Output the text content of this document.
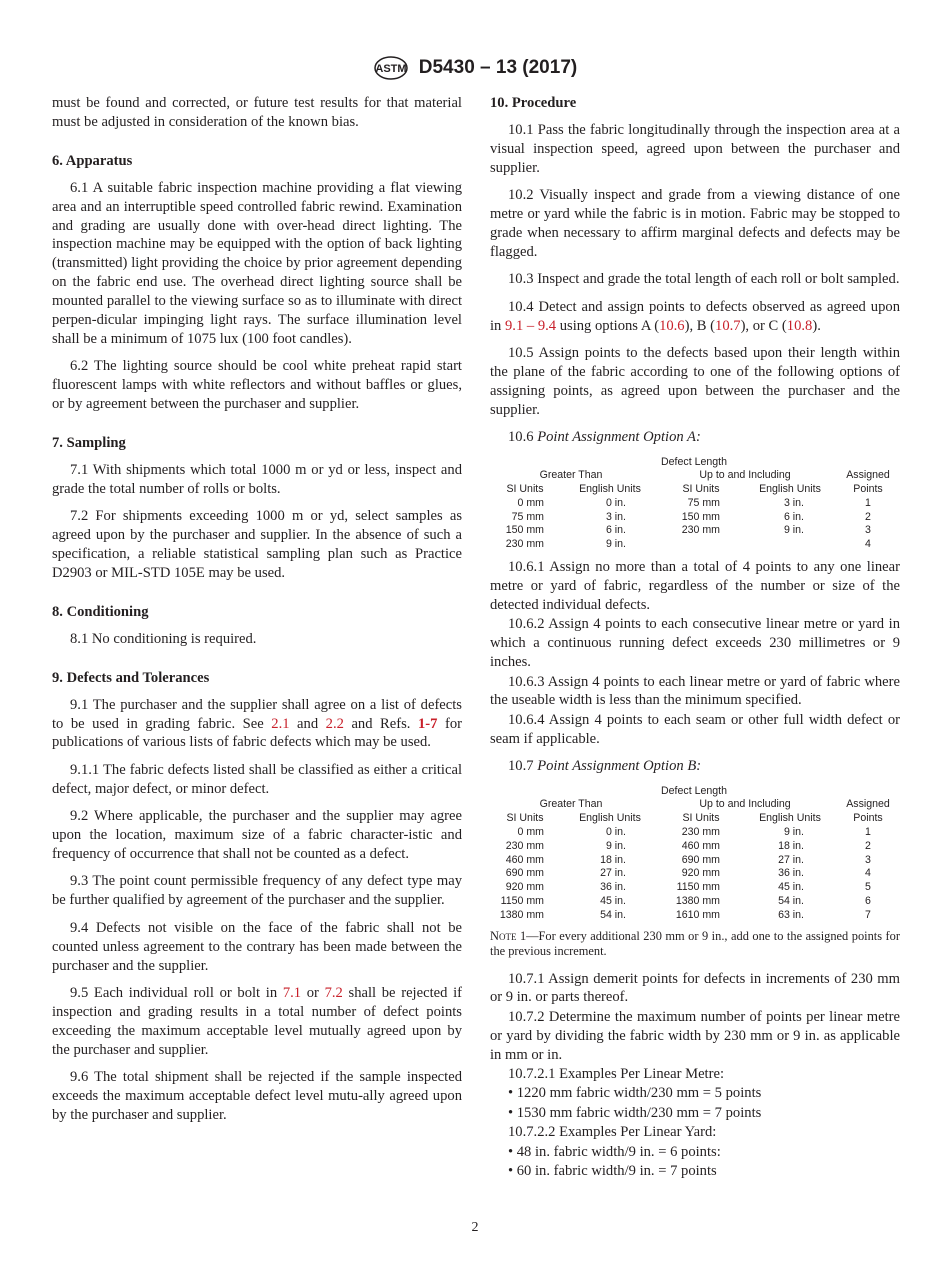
ASTM D5430 – 13 (2017)

must be found and corrected, or future test results for that material must be adjusted in consideration of the known bias.

6. Apparatus

6.1 A suitable fabric inspection machine providing a flat viewing area and an interruptible speed controlled fabric rewind. Examination and grading are usually done with over-head direct lighting. The inspection machine may be equipped with the option of back lighting (transmitted) light providing the choice by prior agreement depending on the fabric end use. The overhead direct lighting source shall be mounted parallel to the viewing surface so as to illuminate with direct perpen-dicular impinging light rays. The surface illumination level shall be a minimum of 1075 lux (100 foot candles).

6.2 The lighting source should be cool white preheat rapid start fluorescent lamps with white reflectors and without baffles or glues, or by agreement between the purchaser and supplier.

7. Sampling

7.1 With shipments which total 1000 m or yd or less, inspect and grade the total number of rolls or bolts.

7.2 For shipments exceeding 1000 m or yd, select samples as agreed upon by the purchaser and supplier. In the absence of such a specification, a reliable statistical sampling plan such as Practice D2903 or MIL-STD 105E may be used.

8. Conditioning

8.1 No conditioning is required.

9. Defects and Tolerances

9.1 The purchaser and the supplier shall agree on a list of defects to be used in grading fabric. See 2.1 and 2.2 and Refs. 1-7 for publications of various lists of fabric defects which may be used.

9.1.1 The fabric defects listed shall be classified as either a critical defect, major defect, or minor defect.

9.2 Where applicable, the purchaser and the supplier may agree upon the location, maximum size of a fabric character-istic and frequency of occurrence that shall not be counted as a defect.

9.3 The point count permissible frequency of any defect type may be further qualified by agreement of the purchaser and the supplier.

9.4 Defects not visible on the face of the fabric shall not be counted unless agreement to the contrary has been made between the purchaser and the supplier.

9.5 Each individual roll or bolt in 7.1 or 7.2 shall be rejected if inspection and grading results in a total number of defect points exceeding the maximum acceptable level mutually agreed upon by the purchaser and supplier.

9.6 The total shipment shall be rejected if the sample inspected exceeds the maximum acceptable defect level mutu-ally agreed upon by the purchaser and supplier.

10. Procedure

10.1 Pass the fabric longitudinally through the inspection area at a visual inspection speed, agreed upon between the purchaser and supplier.

10.2 Visually inspect and grade from a viewing distance of one metre or yard while the fabric is in motion. Fabric may be stopped to grade when necessary to affirm marginal defects and defects may be flagged.

10.3 Inspect and grade the total length of each roll or bolt sampled.

10.4 Detect and assign points to defects observed as agreed upon in 9.1 – 9.4 using options A (10.6), B (10.7), or C (10.8).

10.5 Assign points to the defects based upon their length within the plane of the fabric according to one of the following options of assigning points, as agreed upon between the purchaser and the supplier.

10.6 Point Assignment Option A:

Defect Length				
Greater Than		Up to and Including		Assigned
SI Units	English Units	SI Units	English Units	Points
0 mm	0 in.	75 mm	3 in.	1
75 mm	3 in.	150 mm	6 in.	2
150 mm	6 in.	230 mm	9 in.	3
230 mm	9 in.			4

10.6.1 Assign no more than a total of 4 points to any one linear metre or yard of fabric, regardless of the number or size of the detected individual defects.

10.6.2 Assign 4 points to each consecutive linear metre or yard in which a continuous running defect exceeds 230 millimetres or 9 inches.

10.6.3 Assign 4 points to each linear metre or yard of fabric where the useable width is less than the minimum specified.

10.6.4 Assign 4 points to each seam or other full width defect or seam if applicable.

10.7 Point Assignment Option B:

Defect Length				
Greater Than		Up to and Including		Assigned
SI Units	English Units	SI Units	English Units	Points
0 mm	0 in.	230 mm	9 in.	1
230 mm	9 in.	460 mm	18 in.	2
460 mm	18 in.	690 mm	27 in.	3
690 mm	27 in.	920 mm	36 in.	4
920 mm	36 in.	1150 mm	45 in.	5
1150 mm	45 in.	1380 mm	54 in.	6
1380 mm	54 in.	1610 mm	63 in.	7

Note 1—For every additional 230 mm or 9 in., add one to the assigned points for the previous increment.

10.7.1 Assign demerit points for defects in increments of 230 mm or 9 in. or parts thereof.

10.7.2 Determine the maximum number of points per linear metre or yard by dividing the fabric width by 230 mm or 9 in. as applicable in mm or in.

10.7.2.1 Examples Per Linear Metre:

• 1220 mm fabric width/230 mm = 5 points

• 1530 mm fabric width/230 mm = 7 points

10.7.2.2 Examples Per Linear Yard:

• 48 in. fabric width/9 in. = 6 points:

• 60 in. fabric width/9 in. = 7 points

2
